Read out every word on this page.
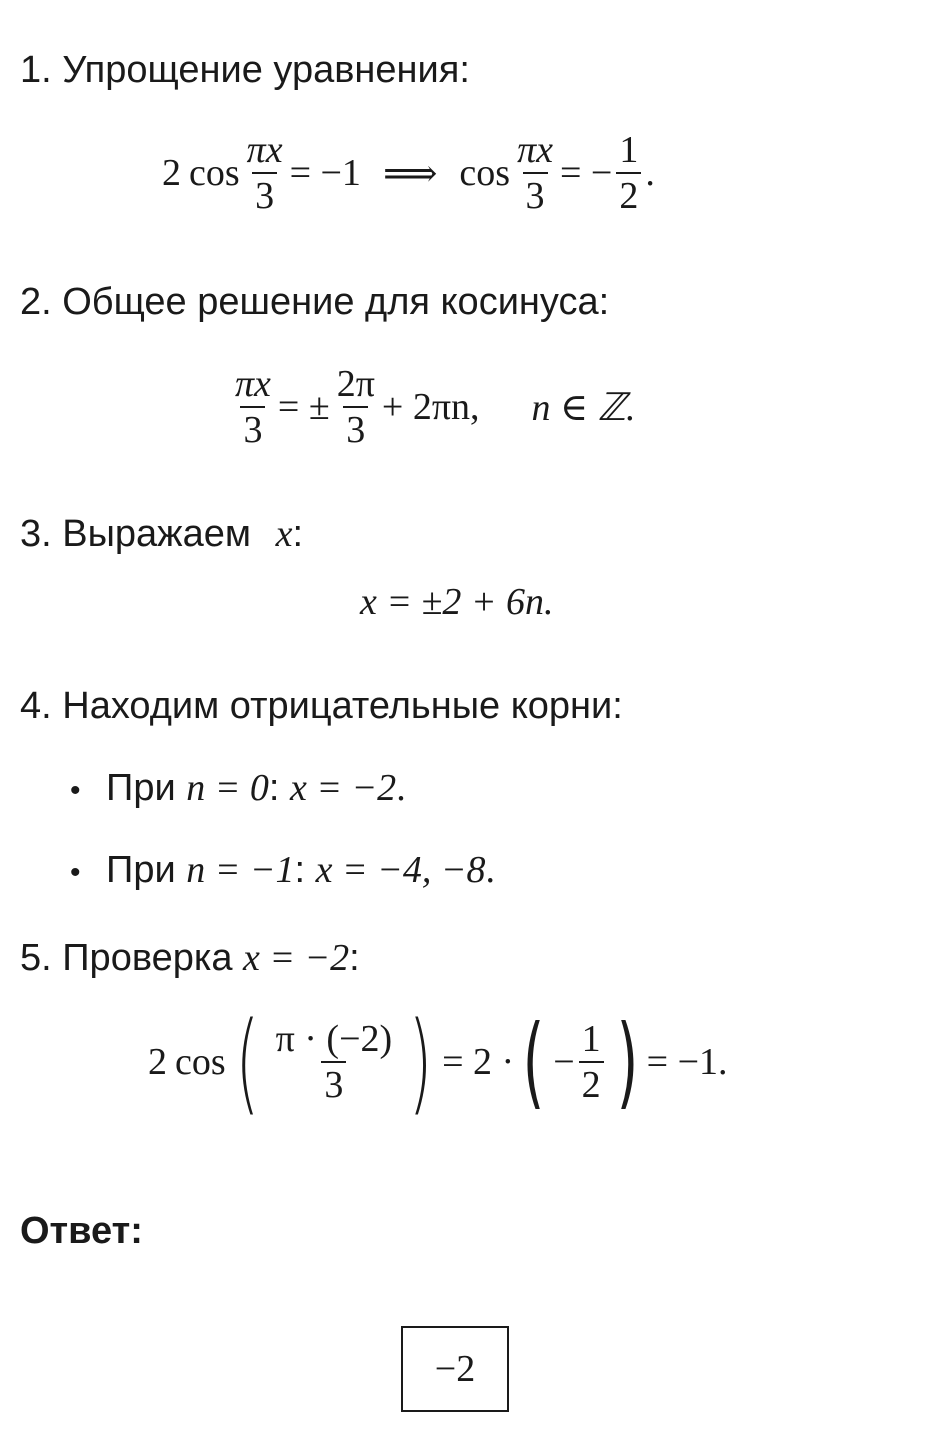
1. Упрощение уравнения:
2 $\cos \frac{\pi x}{3} = -1$ ⟹ $\cos \frac{\pi x}{3}$ = − $\frac{1}{2}$ .
2. Общее решение для косинуса:
$\frac{\pi x}{3}$ = ± $\frac{2\pi}{3} + 2\pi n$, n ∈ ℤ.
3. Выражаем x:
x = ±2 + 6n.
4. Находим отрицательные корни:
• При n = 0: x = −2.
• При n = −1: x = −4, −8.
5. Проверка x = −2:
2 cos ( $\frac{\pi \cdot (-2)}{3}$ ) = 2 · ( − $\frac{1}{2}$ ) = −1.
Ответ:
−2
